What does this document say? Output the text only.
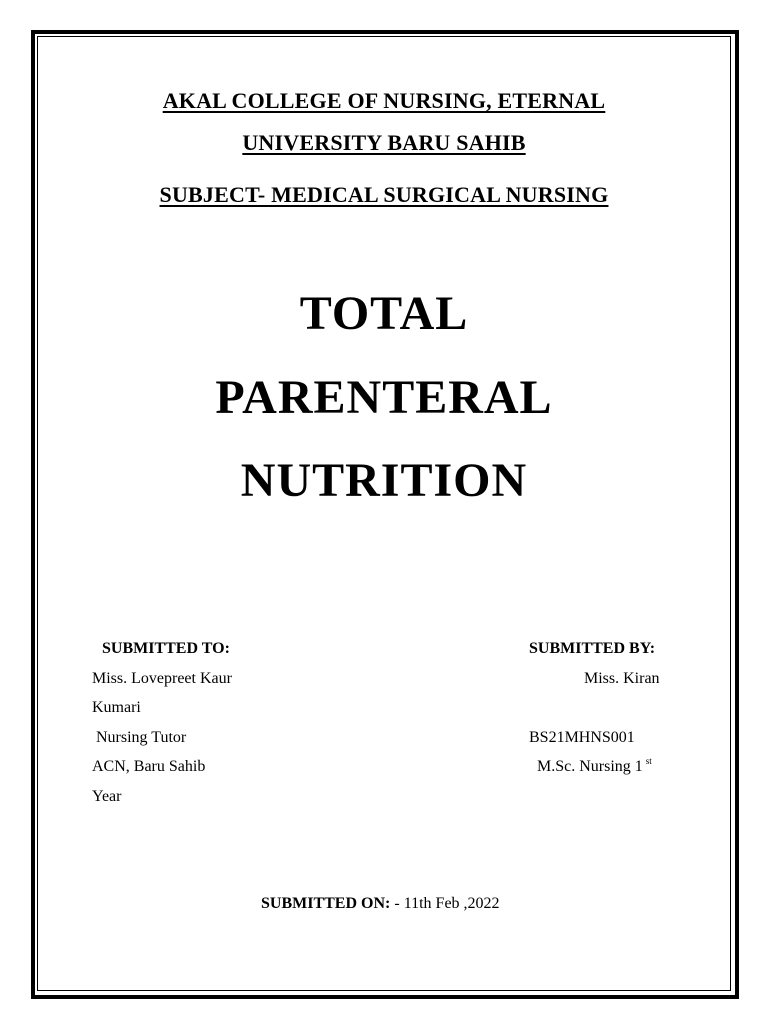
AKAL COLLEGE OF NURSING, ETERNAL
UNIVERSITY BARU SAHIB
SUBJECT- MEDICAL SURGICAL NURSING
TOTAL
PARENTERAL
NUTRITION
SUBMITTED TO:
Miss. Lovepreet Kaur
Kumari
Nursing Tutor
ACN, Baru Sahib
Year
SUBMITTED BY:
Miss. Kiran
BS21MHNS001
M.Sc. Nursing 1 $^{st}$
SUBMITTED ON: - 11th Feb ,2022
